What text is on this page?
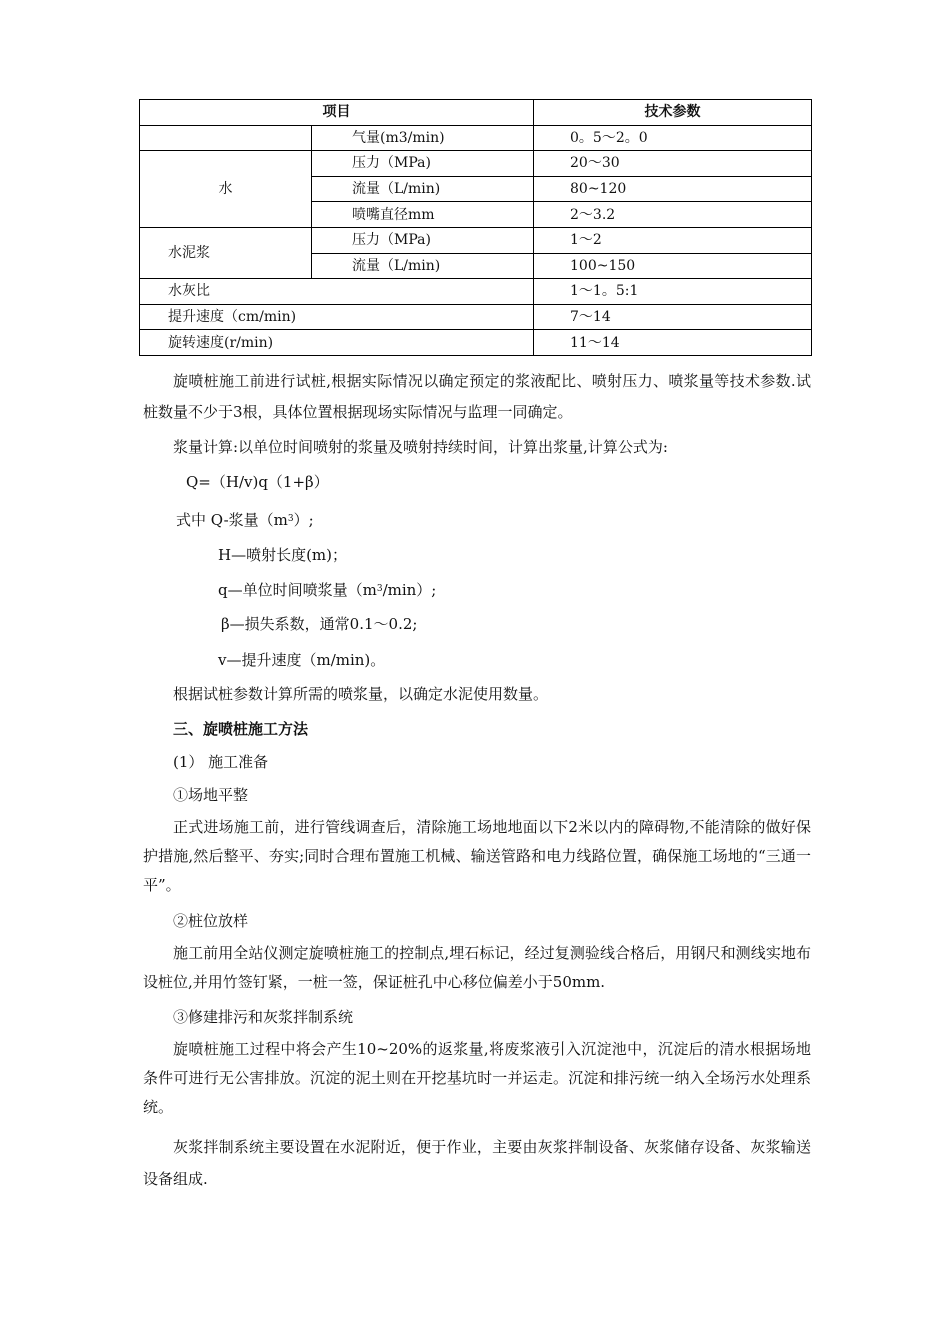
项目		技术参数
	气量(m3/min)	0。5～2。0
水	压力（MPa)	20～30
	流量（L/min)	80~120
	喷嘴直径mm	2～3.2
水泥浆	压力（MPa)	1～2
	流量（L/min)	100~150
水灰比		1～1。5:1
提升速度（cm/min)		7～14
旋转速度(r/min)		11～14

旋喷桩施工前进行试桩,根据实际情况以确定预定的浆液配比、喷射压力、喷浆量等技术参数.试桩数量不少于3根，具体位置根据现场实际情况与监理一同确定。

浆量计算:以单位时间喷射的浆量及喷射持续时间，计算出浆量,计算公式为:

Q=（H/v)q（1+β）

式中 Q-浆量$(m^3)$;

H—喷射长度(m)；

q—单位时间喷浆量$(m^3/\min)$;

β—损失系数，通常0.1～0.2;

v—提升速度（m/min)。

根据试桩参数计算所需的喷浆量，以确定水泥使用数量。

三、旋喷桩施工方法

(1） 施工准备

①场地平整

正式进场施工前，进行管线调查后，清除施工场地地面以下2米以内的障碍物,不能清除的做好保护措施,然后整平、夯实;同时合理布置施工机械、输送管路和电力线路位置，确保施工场地的“三通一平”。

②桩位放样

施工前用全站仪测定旋喷桩施工的控制点,埋石标记，经过复测验线合格后，用钢尺和测线实地布设桩位,并用竹签钉紧，一桩一签，保证桩孔中心移位偏差小于50mm.

③修建排污和灰浆拌制系统

旋喷桩施工过程中将会产生10~20%的返浆量,将废浆液引入沉淀池中，沉淀后的清水根据场地条件可进行无公害排放。沉淀的泥土则在开挖基坑时一并运走。沉淀和排污统一纳入全场污水处理系统。

灰浆拌制系统主要设置在水泥附近，便于作业，主要由灰浆拌制设备、灰浆储存设备、灰浆输送设备组成.
